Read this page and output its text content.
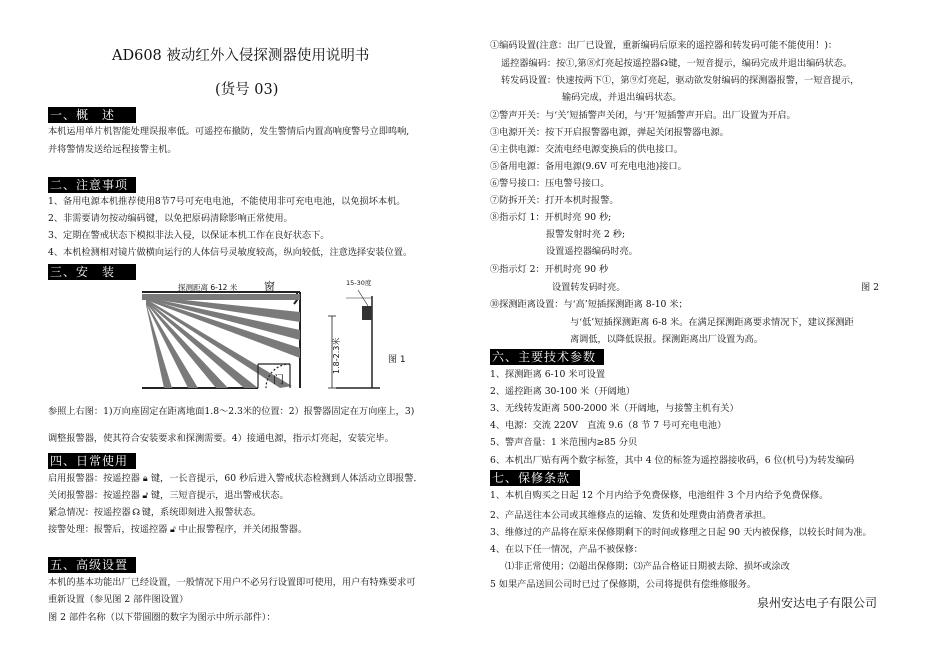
AD608 被动红外入侵探测器使用说明书
(货号 03)
一、概　述
本机运用单片机智能处理误报率低。可遥控布撤防，发生警情后内置高响度警号立即鸣响,
并将警情发送给远程接警主机。
二、注意事项
1、备用电源本机推荐使用8节7号可充电电池，不能使用非可充电电池，以免损坏本机。
2、非需要请勿按动编码键，以免把原码清除影响正常使用。
3、定期在警戒状态下模拟非法入侵，以保证本机工作在良好状态下。
4、本机检测相对镜片做横向运行的人体信号灵敏度较高，纵向较低，注意选择安装位置。
三、安　装
探测距离 6-12 米 窗
门
15-30度
1.8-2.3米	图 1
参照上右图：1)万向座固定在距离地面1.8～2.3米的位置：2）报警器固定在万向座上，3)
调整报警器，使其符合安装要求和探测需要。4）接通电源，指示灯亮起，安装完毕。
四、日常使用
启用报警器：按遥控器 🔒︎ 键，一长音提示，60 秒后进入警戒状态检测到人体活动立即报警．
关闭报警器：按遥控器 🔓︎ 键，三短音提示，退出警戒状态。
紧急情况：按遥控器☊键，系统即刻进入报警状态。
接警处理：报警后，按遥控器 🔓︎ 中止报警程序，并关闭报警器。
五、高级设置
本机的基本功能出厂已经设置，一般情况下用户不必另行设置即可使用，用户有特殊要求可
重新设置（参见图 2 部件图设置）
图 2 部件名称（以下带圆圈的数字为图示中所示部件）：
①编码设置(注意：出厂已设置，重新编码后原来的遥控器和转发码可能不能使用！)：
遥控器编码：按①,第⑧灯亮起按遥控器☊键，一短音提示，编码完成并退出编码状态。
转发码设置：快速按两下①，第⑨灯亮起，驱动欲发射编码的探测器报警，一短音提示，
输码完成，并退出编码状态。
②警声开关：与‘关’短插警声关闭，与‘开’短插警声开启。出厂设置为开启。
③电源开关：按下开启报警器电源，弹起关闭报警器电源。
④主供电源：交流电经电源变换后的供电接口。
⑤备用电源：备用电源(9.6V 可充电电池)接口。
⑥警号接口：压电警号接口。
⑦防拆开关：打开本机时报警。
⑧指示灯 1：开机时亮 90 秒;
报警发射时亮 2 秒;
设置遥控器编码时亮。
⑨指示灯 2：开机时亮 90 秒
设置转发码时亮。	图 2
⑩探测距离设置：与‘高’短插探测距离 8-10 米；
与‘低’短插探测距离 6-8 米。在满足探测距离要求情况下，建议探测距
离调低，以降低误报。探测距离出厂设置为高。
六、主要技术参数
1、探测距离 6-10 米可设置
2、遥控距离 30-100 米（开阔地）
3、无线转发距离 500-2000 米（开阔地，与接警主机有关）
4、电源：交流 220V　直流 9.6（8 节 7 号可充电电池）
5、警声音量：1 米范围内≥85 分贝
6、本机出厂贴有两个数字标签，其中 4 位的标签为遥控器接收码，6 位(机号)为转发编码
七、保修条款
1、本机自购买之日起 12 个月内给予免费保修，电池组件 3 个月内给予免费保修。
2、产品送往本公司或其维修点的运输、发货和处理费由消费者承担。
3、维修过的产品将在原来保修期剩下的时间或修理之日起 90 天内被保修，以较长时间为准。
4、在以下任一情况，产品不被保修：
⑴非正常使用；⑵超出保修期；⑶产品合格证日期被去除、损坏或涂改
5 如果产品送回公司时已过了保修期，公司将提供有偿维修服务。
泉州安达电子有限公司
